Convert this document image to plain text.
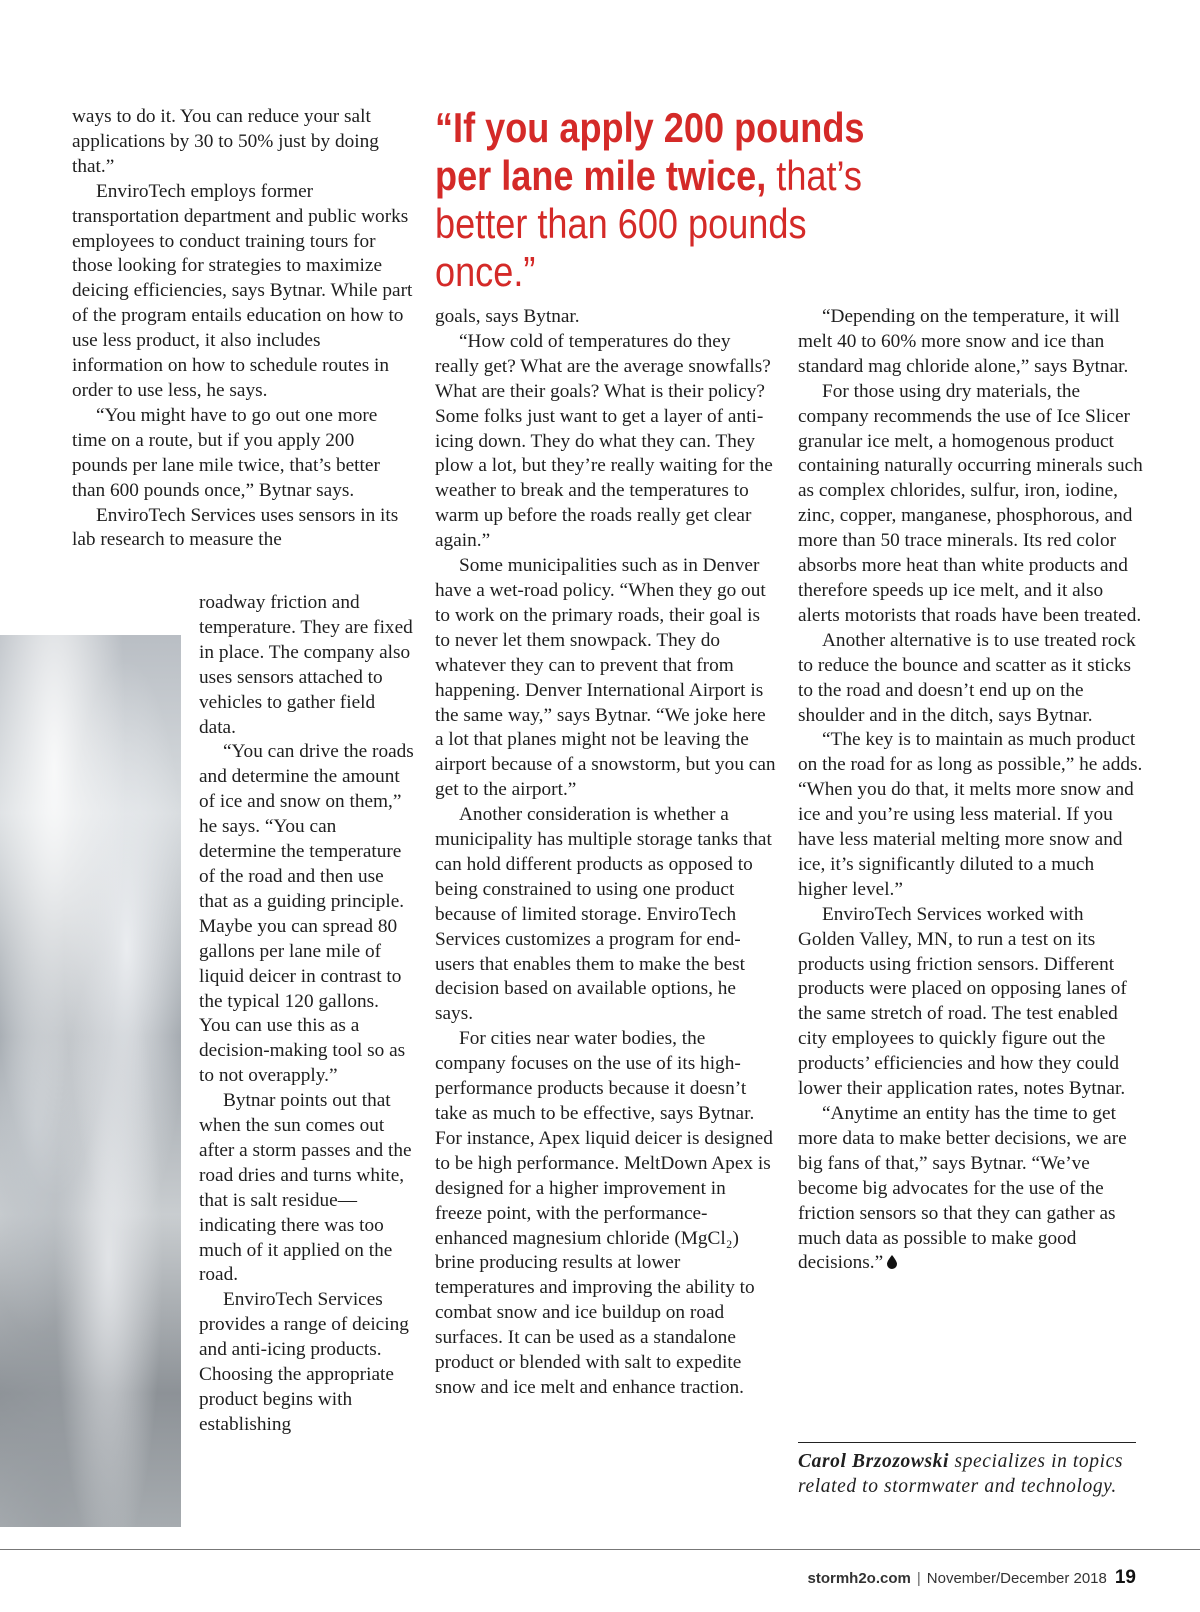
“If you apply 200 pounds per lane mile twice, that’s better than 600 pounds once.”

ways to do it. You can reduce your salt applications by 30 to 50% just by doing that.”

EnviroTech employs former transportation department and public works employees to conduct training tours for those looking for strategies to maximize deicing efficiencies, says Bytnar. While part of the program entails education on how to use less product, it also includes information on how to schedule routes in order to use less, he says.

“You might have to go out one more time on a route, but if you apply 200 pounds per lane mile twice, that’s better than 600 pounds once,” Bytnar says.

EnviroTech Services uses sensors in its lab research to measure the

roadway friction and temperature. They are fixed in place. The company also uses sensors attached to vehicles to gather field data.

“You can drive the roads and determine the amount of ice and snow on them,” he says. “You can determine the temperature of the road and then use that as a guiding principle. Maybe you can spread 80 gallons per lane mile of liquid deicer in contrast to the typical 120 gallons. You can use this as a decision-making tool so as to not overapply.”

Bytnar points out that when the sun comes out after a storm passes and the road dries and turns white, that is salt residue—indicating there was too much of it applied on the road.

EnviroTech Services provides a range of deicing and anti-icing products. Choosing the appropriate product begins with establishing

goals, says Bytnar.

“How cold of temperatures do they really get? What are the average snowfalls? What are their goals? What is their policy? Some folks just want to get a layer of anti-icing down. They do what they can. They plow a lot, but they’re really waiting for the weather to break and the temperatures to warm up before the roads really get clear again.”

Some municipalities such as in Denver have a wet-road policy. “When they go out to work on the primary roads, their goal is to never let them snowpack. They do whatever they can to prevent that from happening. Denver International Airport is the same way,” says Bytnar. “We joke here a lot that planes might not be leaving the airport because of a snowstorm, but you can get to the airport.”

Another consideration is whether a municipality has multiple storage tanks that can hold different products as opposed to being constrained to using one product because of limited storage. EnviroTech Services customizes a program for end-users that enables them to make the best decision based on available options, he says.

For cities near water bodies, the company focuses on the use of its high-performance products because it doesn’t take as much to be effective, says Bytnar. For instance, Apex liquid deicer is designed to be high performance. MeltDown Apex is designed for a higher improvement in freeze point, with the performance-enhanced magnesium chloride (MgCl₂) brine producing results at lower temperatures and improving the ability to combat snow and ice buildup on road surfaces. It can be used as a standalone product or blended with salt to expedite snow and ice melt and enhance traction.

“Depending on the temperature, it will melt 40 to 60% more snow and ice than standard mag chloride alone,” says Bytnar.

For those using dry materials, the company recommends the use of Ice Slicer granular ice melt, a homogenous product containing naturally occurring minerals such as complex chlorides, sulfur, iron, iodine, zinc, copper, manganese, phosphorous, and more than 50 trace minerals. Its red color absorbs more heat than white products and therefore speeds up ice melt, and it also alerts motorists that roads have been treated.

Another alternative is to use treated rock to reduce the bounce and scatter as it sticks to the road and doesn’t end up on the shoulder and in the ditch, says Bytnar.

“The key is to maintain as much product on the road for as long as possible,” he adds. “When you do that, it melts more snow and ice and you’re using less material. If you have less material melting more snow and ice, it’s significantly diluted to a much higher level.”

EnviroTech Services worked with Golden Valley, MN, to run a test on its products using friction sensors. Different products were placed on opposing lanes of the same stretch of road. The test enabled city employees to quickly figure out the products’ efficiencies and how they could lower their application rates, notes Bytnar.

“Anytime an entity has the time to get more data to make better decisions, we are big fans of that,” says Bytnar. “We’ve become big advocates for the use of the friction sensors so that they can gather as much data as possible to make good decisions.”

Carol Brzozowski specializes in topics related to stormwater and technology.
stormh2o.com | November/December 2018 19
